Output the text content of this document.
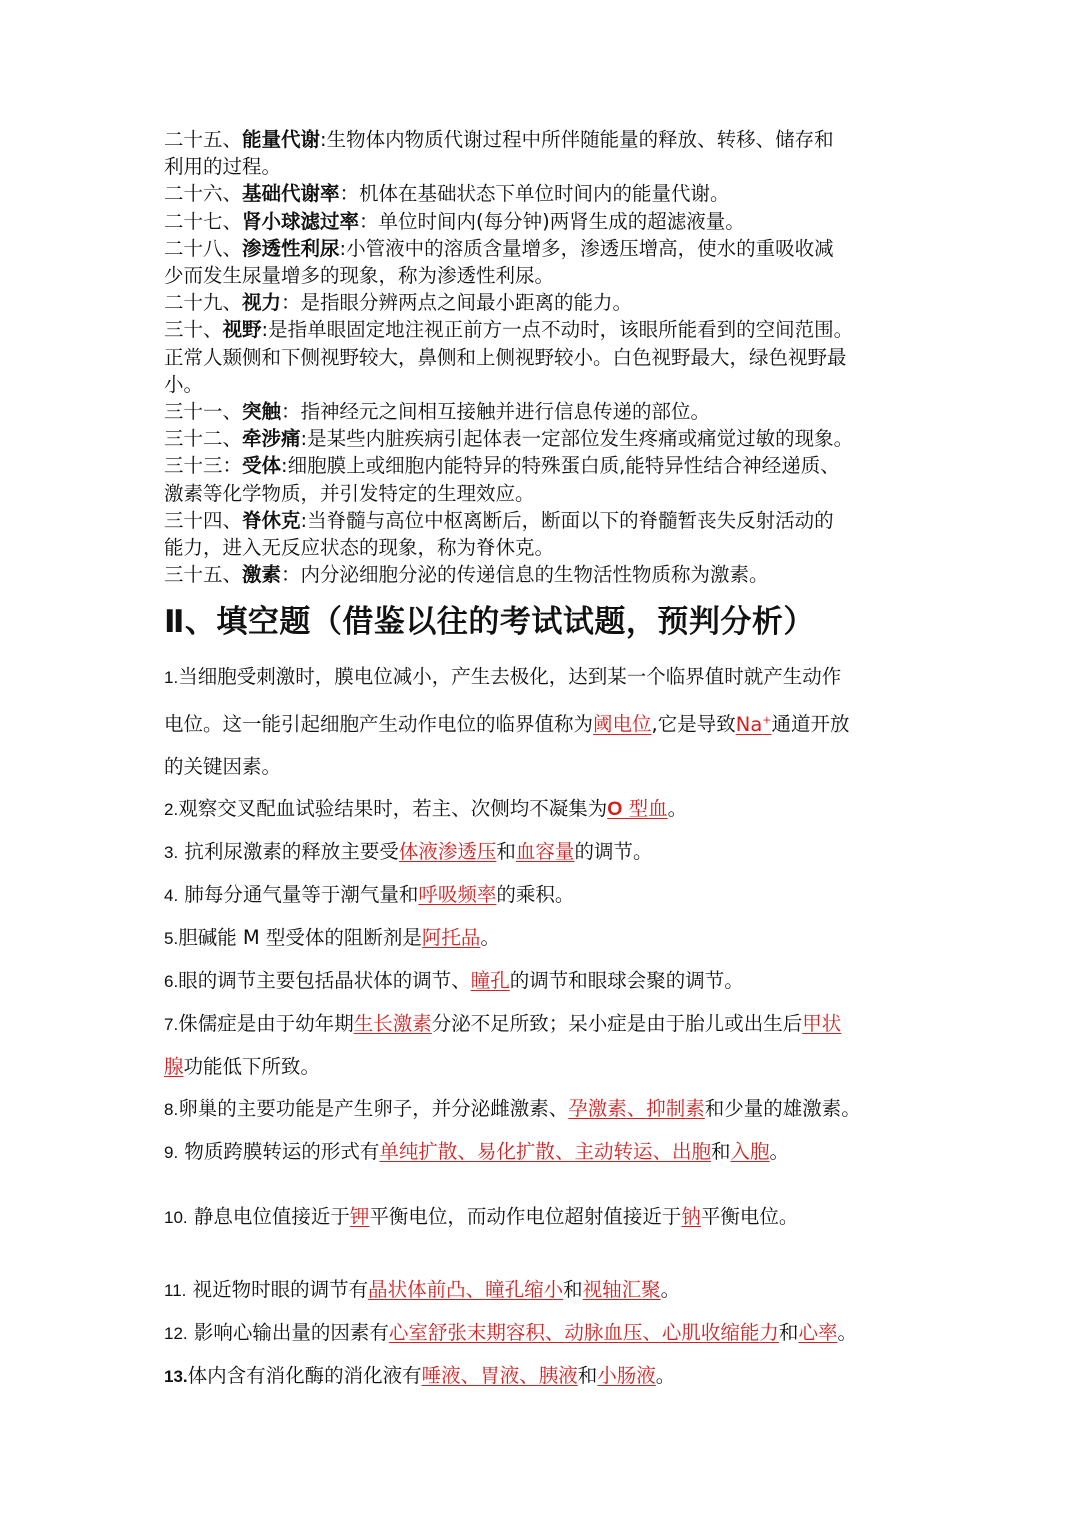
二十五、能量代谢:生物体内物质代谢过程中所伴随能量的释放、转移、储存和
利用的过程。

二十六、基础代谢率：机体在基础状态下单位时间内的能量代谢。

二十七、肾小球滤过率：单位时间内(每分钟)两肾生成的超滤液量。

二十八、渗透性利尿:小管液中的溶质含量增多，渗透压增高，使水的重吸收减
少而发生尿量增多的现象，称为渗透性利尿。

二十九、视力：是指眼分辨两点之间最小距离的能力。

三十、视野:是指单眼固定地注视正前方一点不动时，该眼所能看到的空间范围。
正常人颞侧和下侧视野较大，鼻侧和上侧视野较小。白色视野最大，绿色视野最
小。

三十一、突触：指神经元之间相互接触并进行信息传递的部位。

三十二、牵涉痛:是某些内脏疾病引起体表一定部位发生疼痛或痛觉过敏的现象。

三十三：受体:细胞膜上或细胞内能特异的特殊蛋白质,能特异性结合神经递质、
激素等化学物质，并引发特定的生理效应。

三十四、脊休克:当脊髓与高位中枢离断后，断面以下的脊髓暂丧失反射活动的
能力，进入无反应状态的现象，称为脊休克。

三十五、激素：内分泌细胞分泌的传递信息的生物活性物质称为激素。

Ⅱ、填空题（借鉴以往的考试试题，预判分析）

1.当细胞受刺激时，膜电位减小，产生去极化，达到某一个临界值时就产生动作

电位。这一能引起细胞产生动作电位的临界值称为阈电位,它是导致Na+通道开放

的关键因素。

2.观察交叉配血试验结果时，若主、次侧均不凝集为O 型血。

3. 抗利尿激素的释放主要受体液渗透压和血容量的调节。

4. 肺每分通气量等于潮气量和呼吸频率的乘积。

5.胆碱能 M 型受体的阻断剂是阿托品。

6.眼的调节主要包括晶状体的调节、瞳孔的调节和眼球会聚的调节。

7.侏儒症是由于幼年期生长激素分泌不足所致；呆小症是由于胎儿或出生后甲状

腺功能低下所致。

8.卵巢的主要功能是产生卵子，并分泌雌激素、孕激素、抑制素和少量的雄激素。

9. 物质跨膜转运的形式有单纯扩散、易化扩散、主动转运、出胞和入胞。

10. 静息电位值接近于钾平衡电位，而动作电位超射值接近于钠平衡电位。

11. 视近物时眼的调节有晶状体前凸、瞳孔缩小和视轴汇聚。

12. 影响心输出量的因素有心室舒张末期容积、动脉血压、心肌收缩能力和心率。

13.体内含有消化酶的消化液有唾液、胃液、胰液和小肠液。
